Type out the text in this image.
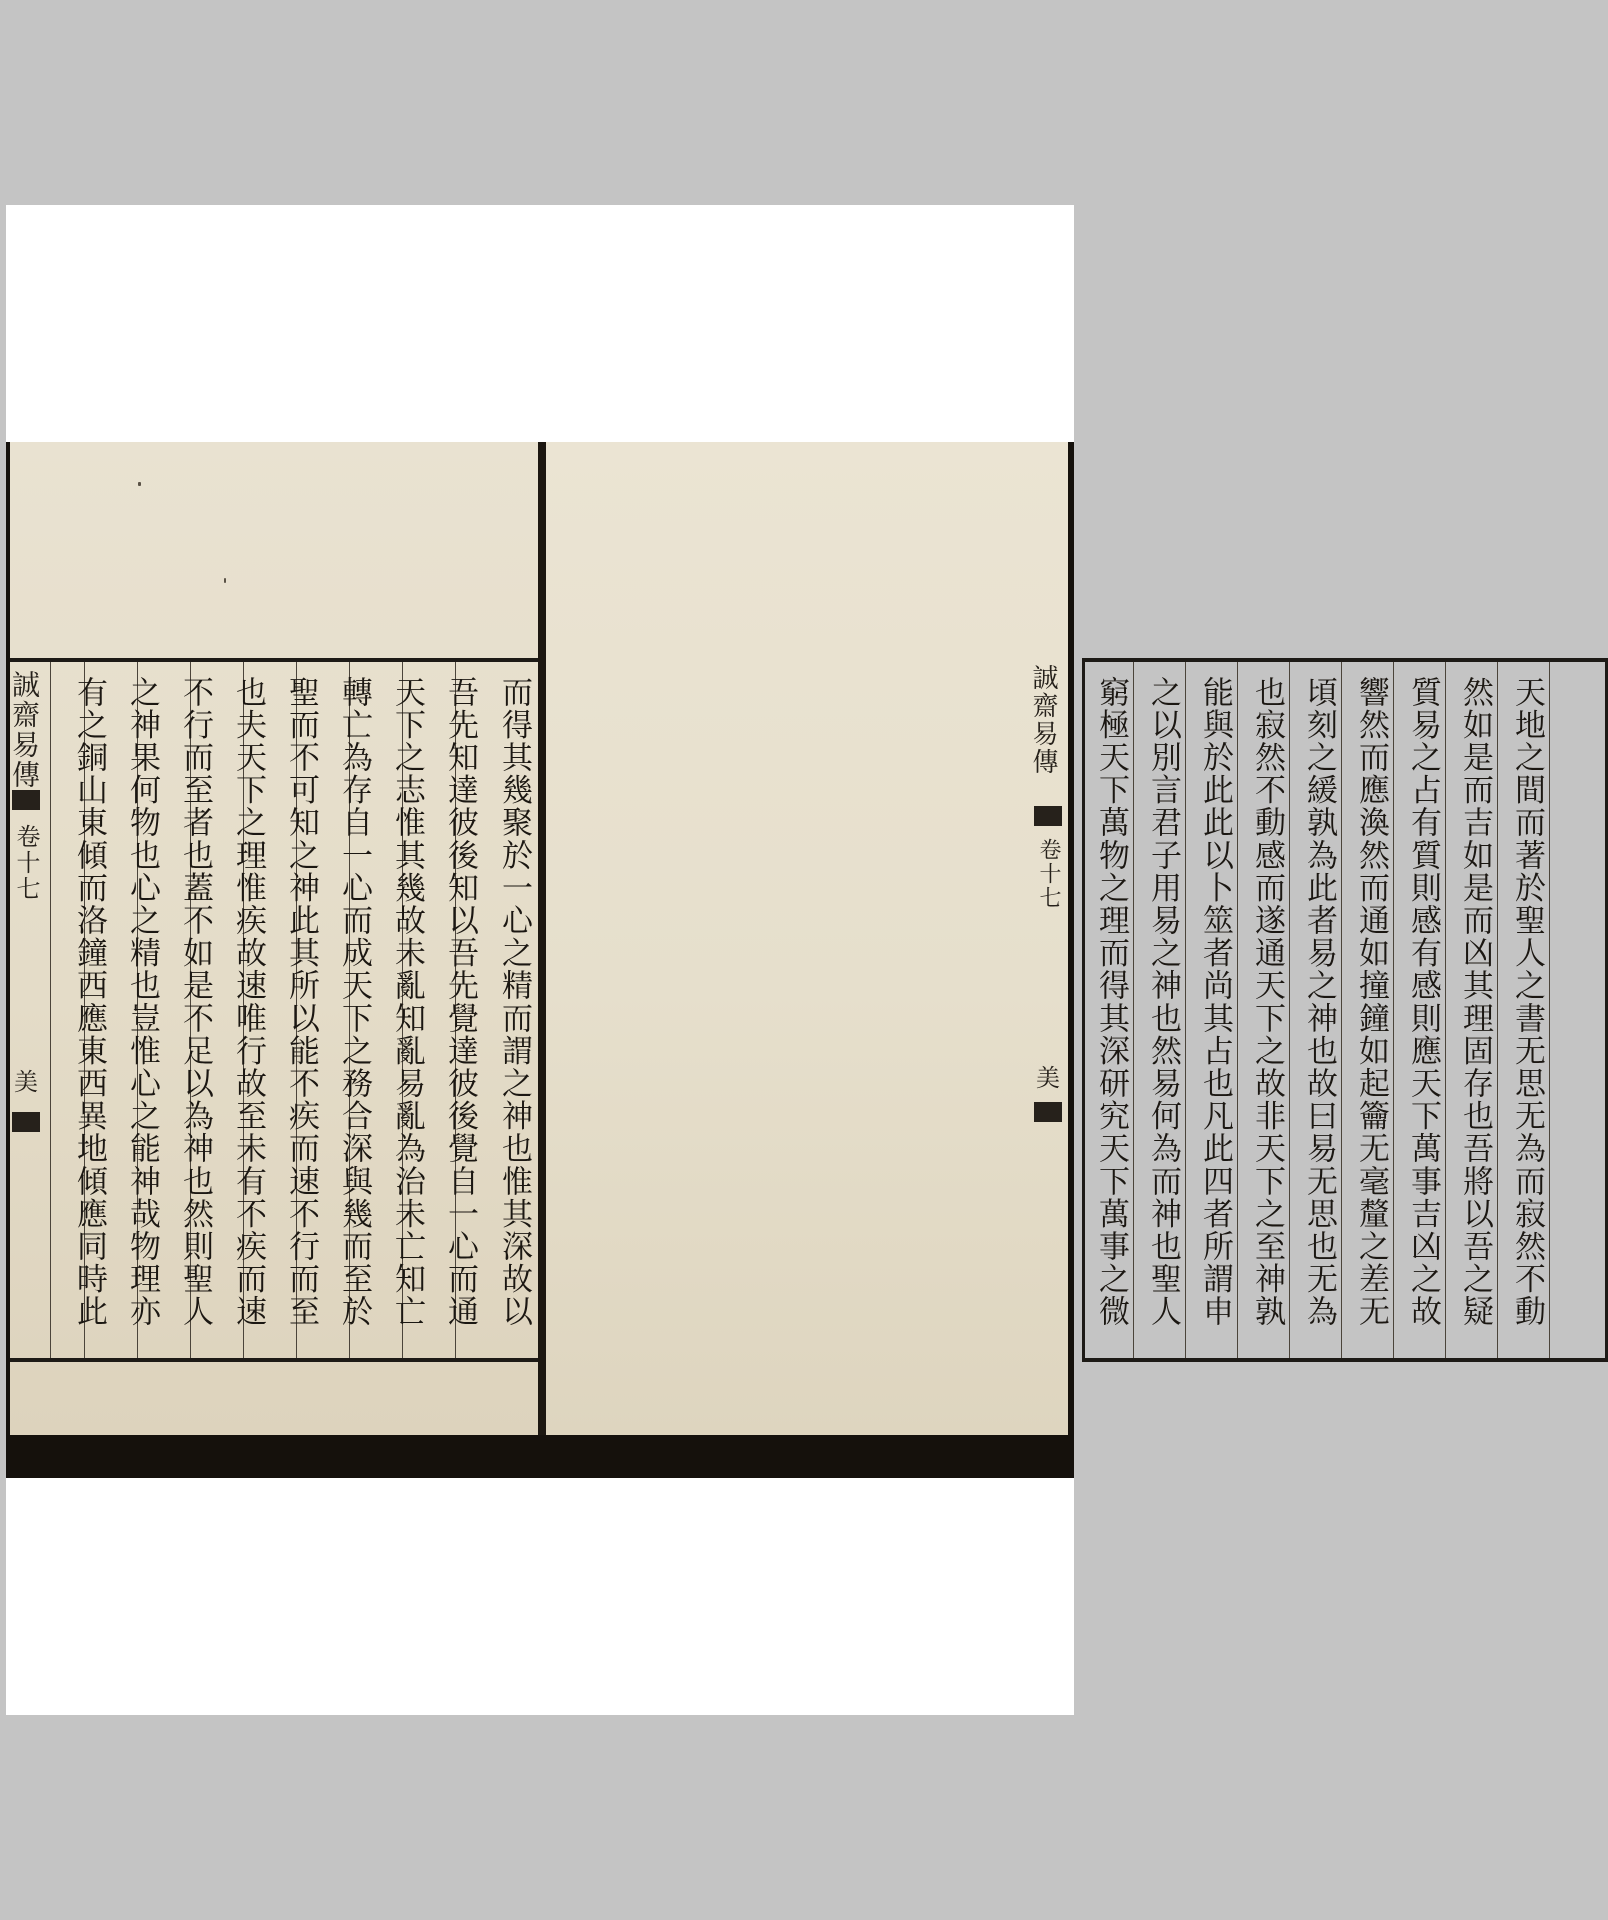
而得其幾聚於一心之精而謂之神也惟其深故以
吾先知達彼後知以吾先覺達彼後覺自一心而通
天下之志惟其幾故未亂知亂易亂為治未亡知亡
轉亡為存自一心而成天下之務合深與幾而至於
聖而不可知之神此其所以能不疾而速不行而至
也夫天下之理惟疾故速唯行故至未有不疾而速
不行而至者也蓋不如是不足以為神也然則聖人
之神果何物也心之精也豈惟心之能神哉物理亦
有之銅山東傾而洛鐘西應東西異地傾應同時此
誠齋易傳
卷十七
美	天地之間而著於聖人之書无思无為而寂然不動
然如是而吉如是而凶其理固存也吾將以吾之疑
質易之占有質則感有感則應天下萬事吉凶之故
響然而應渙然而通如撞鐘如起籥无毫釐之差无
頃刻之緩孰為此者易之神也故曰易无思也无為
也寂然不動感而遂通天下之故非天下之至神孰
能與於此此以卜筮者尚其占也凡此四者所謂申
之以別言君子用易之神也然易何為而神也聖人
窮極天下萬物之理而得其深研究天下萬事之微
誠齋易傳
卷十七
美
